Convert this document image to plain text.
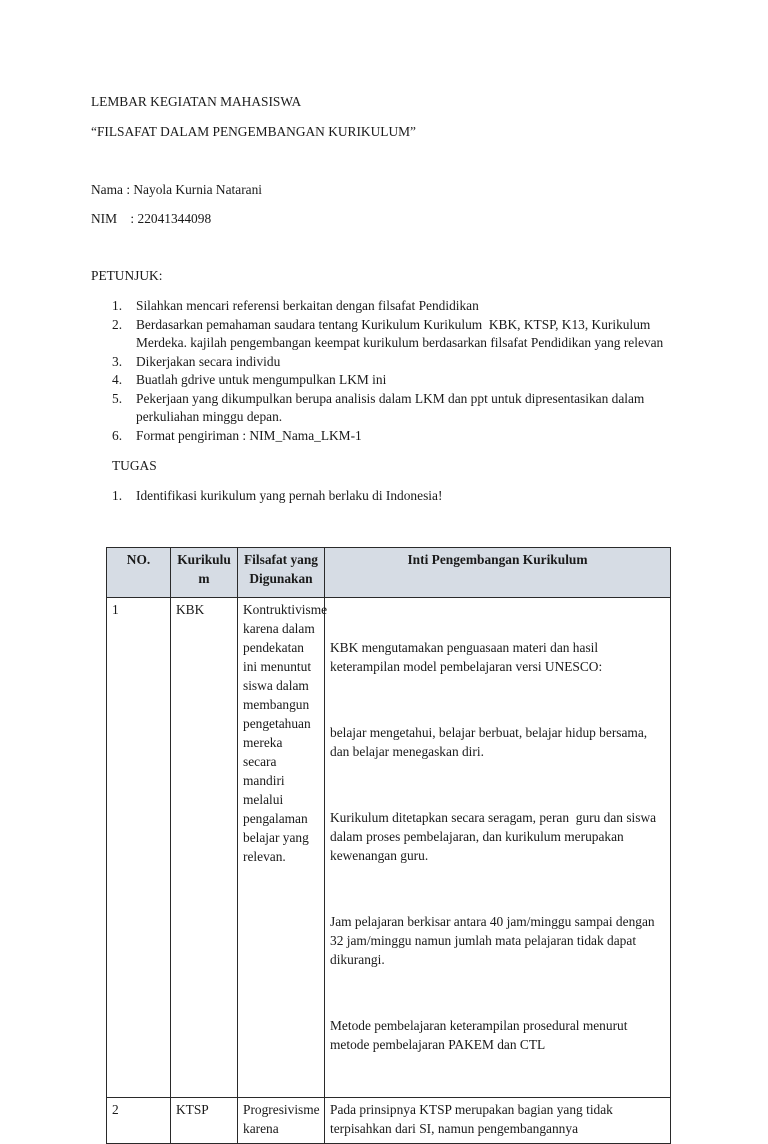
LEMBAR KEGIATAN MAHASISWA
“FILSAFAT DALAM PENGEMBANGAN KURIKULUM”
Nama : Nayola Kurnia Natarani
NIM    : 22041344098
PETUNJUK:
1. Silahkan mencari referensi berkaitan dengan filsafat Pendidikan
2. Berdasarkan pemahaman saudara tentang Kurikulum Kurikulum  KBK, KTSP, K13, Kurikulum Merdeka. kajilah pengembangan keempat kurikulum berdasarkan filsafat Pendidikan yang relevan
3. Dikerjakan secara individu
4. Buatlah gdrive untuk mengumpulkan LKM ini
5. Pekerjaan yang dikumpulkan berupa analisis dalam LKM dan ppt untuk dipresentasikan dalam perkuliahan minggu depan.
6. Format pengiriman : NIM_Nama_LKM-1
TUGAS
1. Identifikasi kurikulum yang pernah berlaku di Indonesia!
NO.	Kurikulu m	Filsafat yang Digunakan	Inti Pengembangan Kurikulum
1	KBK	Kontruktivisme karena dalam pendekatan ini menuntut siswa dalam membangun pengetahuan mereka secara mandiri melalui pengalaman belajar yang relevan.	KBK mengutamakan penguasaan materi dan hasil keterampilan model pembelajaran versi UNESCO:

belajar mengetahui, belajar berbuat, belajar hidup bersama, dan belajar menegaskan diri.

Kurikulum ditetapkan secara seragam, peran  guru dan siswa dalam proses pembelajaran, dan kurikulum merupakan kewenangan guru.

Jam pelajaran berkisar antara 40 jam/minggu sampai dengan 32 jam/minggu namun jumlah mata pelajaran tidak dapat dikurangi.

Metode pembelajaran keterampilan prosedural menurut metode pembelajaran PAKEM dan CTL

2	KTSP	Progresivisme karena	Pada prinsipnya KTSP merupakan bagian yang tidak terpisahkan dari SI, namun pengembangannya
